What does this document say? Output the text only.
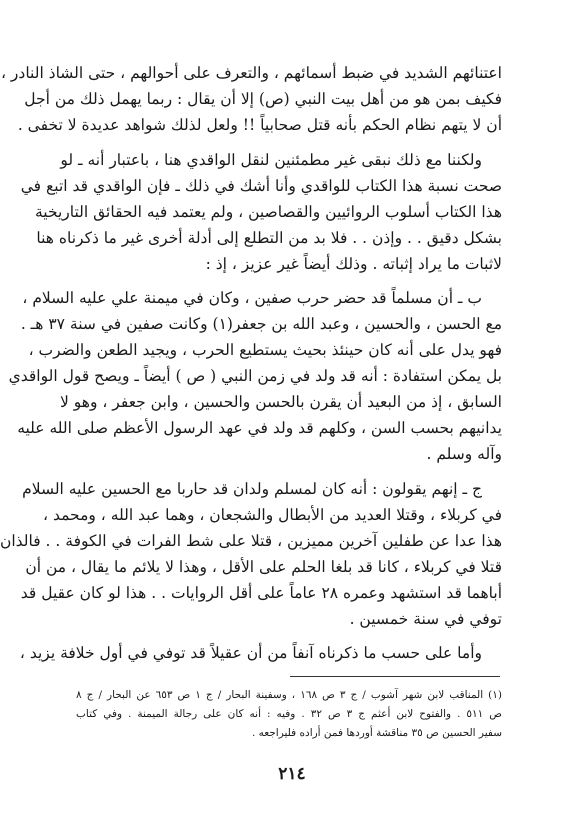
اعتنائهم الشديد في ضبط أسمائهم ، والتعرف على أحوالهم ، حتى الشاذ النادر ،
فكيف بمن هو من أهل بيت النبي (ص) إلا أن يقال : ربما يهمل ذلك من أجل
أن لا يتهم نظام الحكم بأنه قتل صحابياً !! ولعل لذلك شواهد عديدة لا تخفى .
ولكننا مع ذلك نبقى غير مطمئنين لنقل الواقدي هنا ، باعتبار أنه ـ لو
صحت نسبة هذا الكتاب للواقدي وأنا أشك في ذلك ـ فإن الواقدي قد اتبع في
هذا الكتاب أسلوب الروائيين والقصاصين ، ولم يعتمد فيه الحقائق التاريخية
بشكل دقيق . . وإذن . . فلا بد من التطلع إلى أدلة أخرى غير ما ذكرناه هنا
لاثبات ما يراد إثباته . وذلك أيضاً غير عزيز ، إذ :
ب ـ أن مسلماً قد حضر حرب صفين ، وكان في ميمنة علي عليه السلام ،
مع الحسن ، والحسين ، وعبد الله بن جعفر(١) وكانت صفين في سنة ٣٧ هـ .
فهو يدل على أنه كان حينئذ بحيث يستطيع الحرب ، ويجيد الطعن والضرب ،
بل يمكن استفادة : أنه قد ولد في زمن النبي ( ص ) أيضاً ـ ويصح قول الواقدي
السابق ، إذ من البعيد أن يقرن بالحسن والحسين ، وابن جعفر ، وهو لا
يدانيهم بحسب السن ، وكلهم قد ولد في عهد الرسول الأعظم صلى الله عليه
وآله وسلم .
ج ـ إنهم يقولون : أنه كان لمسلم ولدان قد حاربا مع الحسين عليه السلام
في كربلاء ، وقتلا العديد من الأبطال والشجعان ، وهما عبد الله ، ومحمد ،
هذا عدا عن طفلين آخرين مميزين ، قتلا على شط الفرات في الكوفة . . فالذان
قتلا في كربلاء ، كانا قد بلغا الحلم على الأقل ، وهذا لا يلائم ما يقال ، من أن
أباهما قد استشهد وعمره ٢٨ عاماً على أقل الروايات . . هذا لو كان عقيل قد
توفي في سنة خمسين .
وأما على حسب ما ذكرناه آنفاً من أن عقيلاً قد توفي في أول خلافة يزيد ،
(١) المناقب لابن شهر آشوب / ج ٣ ص ١٦٨ ، وسفينة البحار / ج ١ ص ٦٥٣ عن البحار / ج ٨
ص ٥١١ . والفتوح لابن أعثم ج ٣ ص ٣٢ . وفيه : أنه كان على رجالة الميمنة . وفي كتاب
سفير الحسين ص ٣٥ مناقشة أوردها فمن أراده فليراجعه .
٢١٤
